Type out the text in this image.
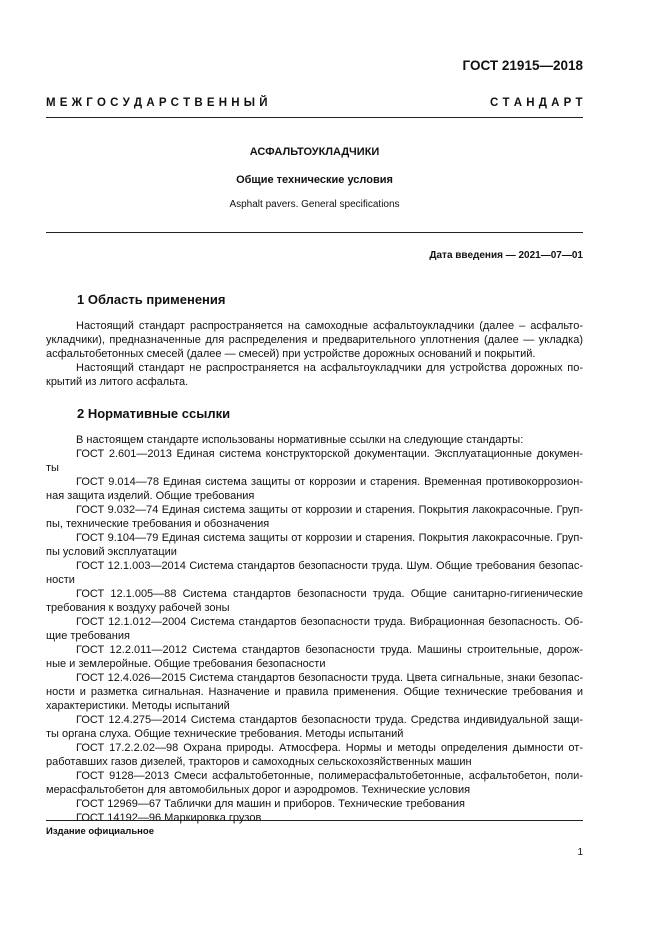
ГОСТ 21915—2018
М Е Ж Г О С У Д А Р С Т В Е Н Н Ы Й	С Т А Н Д А Р Т
АСФАЛЬТОУКЛАДЧИКИ
Общие технические условия
Asphalt pavers. General specifications
Дата введения — 2021—07—01
1 Область применения

Настоящий стандарт распространяется на самоходные асфальтоукладчики (далее – асфальто-укладчики), предназначенные для распределения и предварительного уплотнения (далее — укладка) асфальтобетонных смесей (далее — смесей) при устройстве дорожных оснований и покрытий.

Настоящий стандарт не распространяется на асфальтоукладчики для устройства дорожных по-крытий из литого асфальта.

2 Нормативные ссылки

В настоящем стандарте использованы нормативные ссылки на следующие стандарты:

ГОСТ 2.601—2013 Единая система конструкторской документации. Эксплуатационные докумен-ты

ГОСТ 9.014—78 Единая система защиты от коррозии и старения. Временная противокоррозион-ная защита изделий. Общие требования

ГОСТ 9.032—74 Единая система защиты от коррозии и старения. Покрытия лакокрасочные. Груп-пы, технические требования и обозначения

ГОСТ 9.104—79 Единая система защиты от коррозии и старения. Покрытия лакокрасочные. Груп-пы условий эксплуатации

ГОСТ 12.1.003—2014 Система стандартов безопасности труда. Шум. Общие требования безопас-ности

ГОСТ 12.1.005—88 Система стандартов безопасности труда. Общие санитарно-гигиенические требования к воздуху рабочей зоны

ГОСТ 12.1.012—2004 Система стандартов безопасности труда. Вибрационная безопасность. Об-щие требования

ГОСТ 12.2.011—2012 Система стандартов безопасности труда. Машины строительные, дорож-ные и землеройные. Общие требования безопасности

ГОСТ 12.4.026—2015 Система стандартов безопасности труда. Цвета сигнальные, знаки безопас-ности и разметка сигнальная. Назначение и правила применения. Общие технические требования и характеристики. Методы испытаний

ГОСТ 12.4.275—2014 Система стандартов безопасности труда. Средства индивидуальной защи-ты органа слуха. Общие технические требования. Методы испытаний

ГОСТ 17.2.2.02—98 Охрана природы. Атмосфера. Нормы и методы определения дымности от-работавших газов дизелей, тракторов и самоходных сельскохозяйственных машин

ГОСТ 9128—2013 Смеси асфальтобетонные, полимерасфальтобетонные, асфальтобетон, поли-мерасфальтобетон для автомобильных дорог и аэродромов. Технические условия

ГОСТ 12969—67 Таблички для машин и приборов. Технические требования

ГОСТ 14192—96 Маркировка грузов

Издание официальное
1
